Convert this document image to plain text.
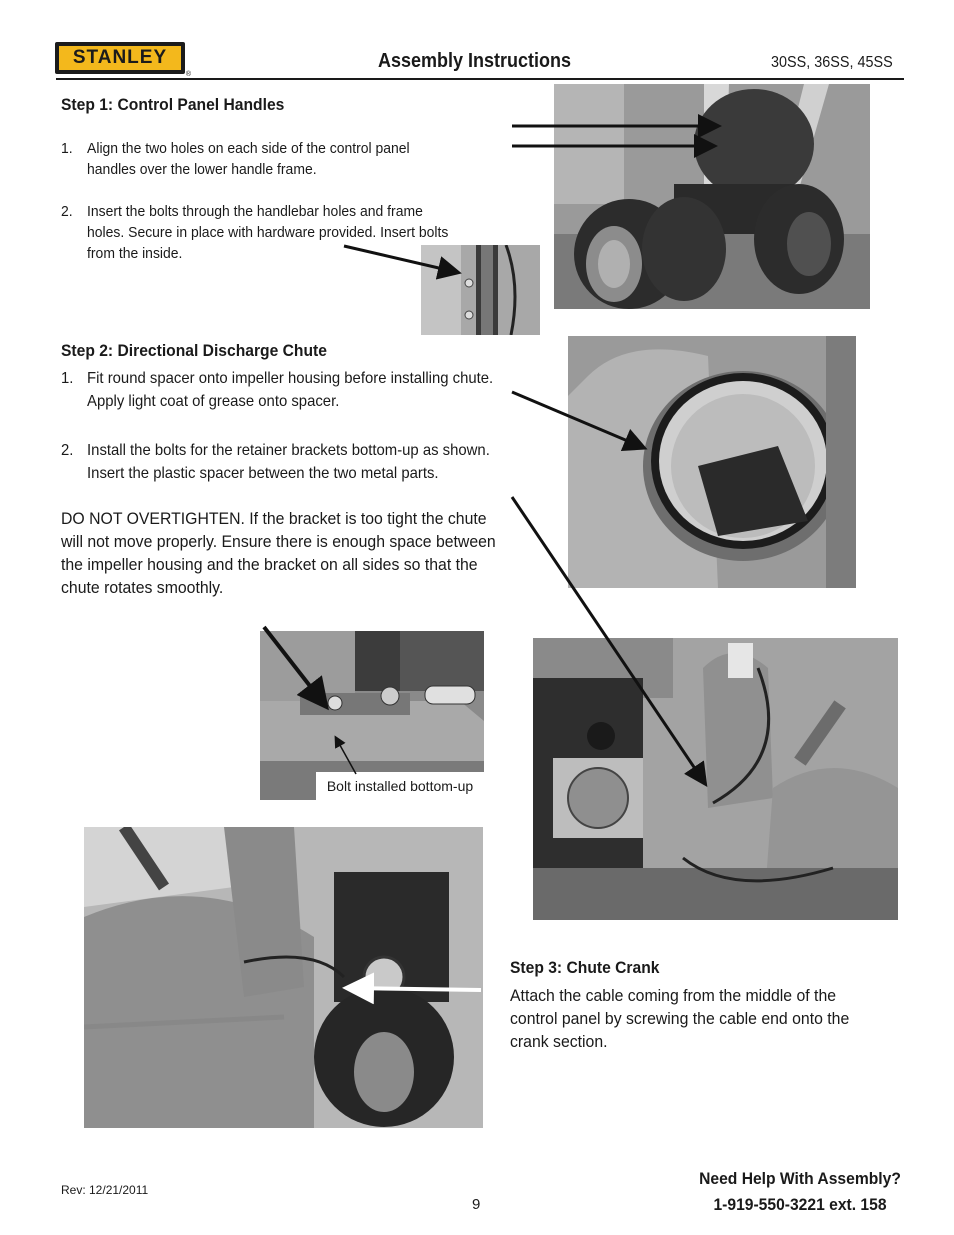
STANLEY
®
Assembly Instructions	30SS, 36SS, 45SS
Step 1: Control Panel Handles
1. Align the two holes on each side of the control panel handles over the lower handle frame.
2. Insert the bolts through the handlebar holes and frame holes. Secure in place with hardware provided. Insert bolts from the inside.
Step 2: Directional Discharge Chute
1. Fit round spacer onto impeller housing before installing chute. Apply light coat of grease onto spacer.
2. Install the bolts for the retainer brackets bottom-up as shown. Insert the plastic spacer between the two metal parts.
DO NOT OVERTIGHTEN. If the bracket is too tight the chute will not move properly. Ensure there is enough space between the impeller housing and the bracket on all sides so that the chute rotates smoothly.
Bolt installed bottom-up
Step 3: Chute Crank
Attach the cable coming from the middle of the control panel by screwing the cable end onto the crank section.
Rev: 12/21/2011
9
Need Help With Assembly?
1-919-550-3221 ext. 158
